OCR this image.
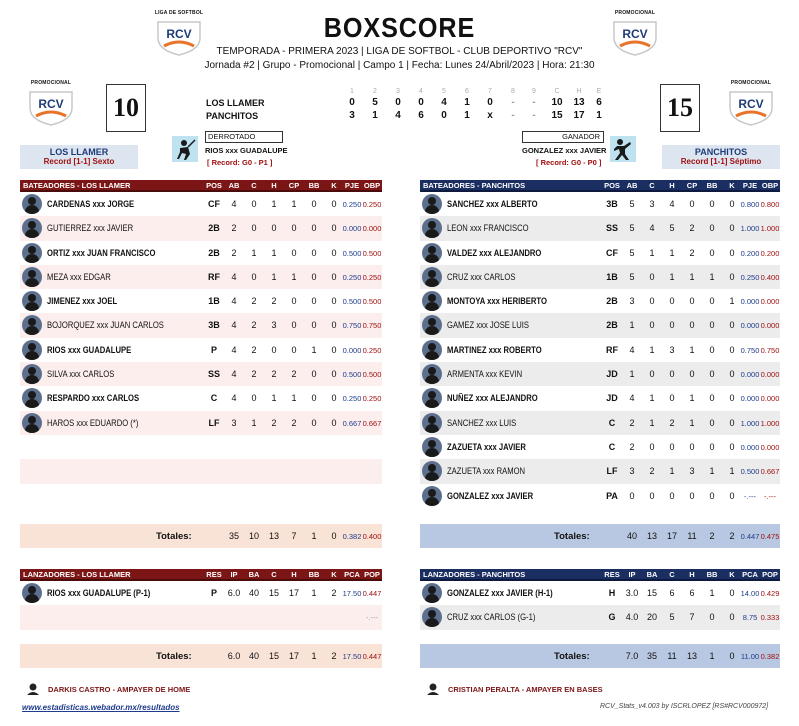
LIGA DE SOFTBOL
RCV
PROMOCIONAL
RCV
BOXSCORE
TEMPORADA - PRIMERA 2023 | LIGA DE SOFTBOL - CLUB DEPORTIVO "RCV"
Jornada #2 | Grupo - Promocional | Campo 1 | Fecha: Lunes 24/Abril/2023 | Hora: 21:30
PROMOCIONAL
RCV
PROMOCIONAL
RCV
10	15
LOS LLAMER
Record [1-1] Sexto
PANCHITOS
Record [1-1] Séptimo
LOS LLAMER
PANCHITOS
1	2	3	4	5	6	7	8	9	C	H	E
0	5	0	0	4	1	0	-	-	10 13	6
3	1	4	6	0	1	x	-	-	15 17	1
DERROTADO
RIOS xxx GUADALUPE
[ Record: G0 - P1 ]
GANADOR
GONZALEZ xxx JAVIER
[ Record: G0 - P0 ]
BATEADORES - LOS LLAMER	POS AB	C	H	CP	BB	K	PJE OBP
CARDENAS xxx JORGE	CF	4	0	1	1	0	0 0.250 0.250
GUTIERREZ xxx JAVIER	2B	2	0	0	0	0	0 0.000 0.000
ORTIZ xxx JUAN FRANCISCO	2B	2	1	1	0	0	0 0.500 0.500
MEZA xxx EDGAR	RF	4	0	1	1	0	0 0.250 0.250
JIMENEZ xxx JOEL	1B	4	2	2	0	0	0 0.500 0.500
BOJORQUEZ xxx JUAN CARLOS	3B	4	2	3	0	0	0 0.750 0.750
RIOS xxx GUADALUPE	P	4	2	0	0	1	0 0.000 0.250
SILVA xxx CARLOS	SS	4	2	2	2	0	0 0.500 0.500
RESPARDO xxx CARLOS	C	4	0	1	1	0	0 0.250 0.250
HAROS xxx EDUARDO (*)	LF	3	1	2	2	0	0 0.667 0.667
Totales:	35	10	13	7	1	0 0.382 0.400
BATEADORES - PANCHITOS	POS AB	C	H	CP	BB	K	PJE OBP
SANCHEZ xxx ALBERTO	3B	5	3	4	0	0	0 0.800 0.800
LEON xxx FRANCISCO	SS	5	4	5	2	0	0 1.000 1.000
VALDEZ xxx ALEJANDRO	CF	5	1	1	2	0	0 0.200 0.200
CRUZ xxx CARLOS	1B	5	0	1	1	1	0 0.250 0.400
MONTOYA xxx HERIBERTO	2B	3	0	0	0	0	1 0.000 0.000
GAMEZ xxx JOSE LUIS	2B	1	0	0	0	0	0 0.000 0.000
MARTINEZ xxx ROBERTO	RF	4	1	3	1	0	0 0.750 0.750
ARMENTA xxx KEVIN	JD	1	0	0	0	0	0 0.000 0.000
NUÑEZ xxx ALEJANDRO	JD	4	1	0	1	0	0 0.000 0.000
SANCHEZ xxx LUIS	C	2	1	2	1	0	0 1.000 1.000
ZAZUETA xxx JAVIER	C	2	0	0	0	0	0 0.000 0.000
ZAZUETA xxx RAMON	LF	3	2	1	3	1	1 0.500 0.667
GONZALEZ xxx JAVIER	PA	0	0	0	0	0	0	-.---	-.---
Totales:	40	13	17	11	2	2 0.447 0.475
LANZADORES - LOS LLAMER	RES	IP	BA	C	H	BB	K PCA POP
RIOS xxx GUADALUPE (P-1)	P	6.0 40	15	17	1	2 17.50 0.447
-.---
Totales:	6.0 40	15	17	1	2 17.50 0.447
LANZADORES - PANCHITOS	RES	IP	BA	C	H	BB	K PCA POP
GONZALEZ xxx JAVIER (H-1)	H	3.0 15	6	6	1	0 14.00 0.429
CRUZ xxx CARLOS (G-1)	G	4.0 20	5	7	0	0	8.75 0.333
Totales:	7.0 35	11	13	1	0 11.00 0.382
DARKIS CASTRO - AMPAYER DE HOME	CRISTIAN PERALTA - AMPAYER EN BASES
www.estadisticas.webador.mx/resultados	RCV_Stats_v4.003 by ISCRLOPEZ [RS#RCV000972]
